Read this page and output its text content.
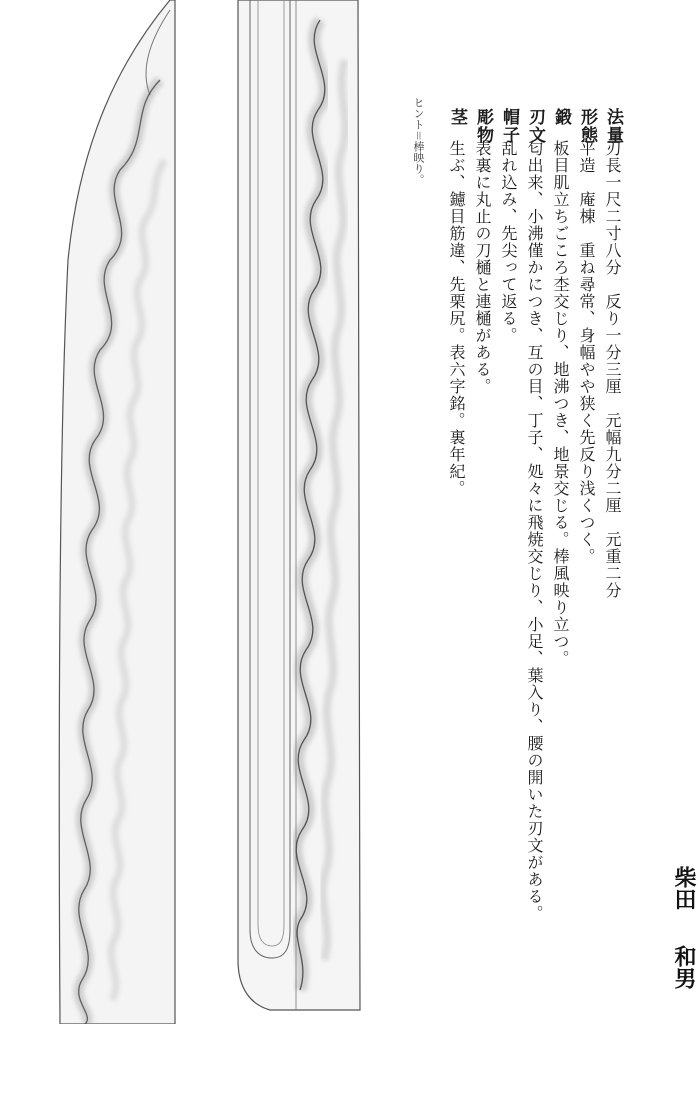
法量
刃長一尺二寸八分　反り一分三厘　元幅九分二厘　元重二分
形態
平造　庵棟　重ね尋常、身幅やや狭く先反り浅くつく。
鍛
板目肌立ちごころ杢交じり、地沸つき、地景交じる。棒風映り立つ。
刃文
匂出来、小沸僅かにつき、互の目、丁子、処々に飛焼交じり、小足、葉入り、腰の開いた刃文がある。
帽子
乱れ込み、先尖って返る。
彫物
表裏に丸止の刀樋と連樋がある。
茎
生ぶ、鑢目筋違、先栗尻。表六字銘。裏年紀。
ヒント＝棒映り。
柴田
和男
